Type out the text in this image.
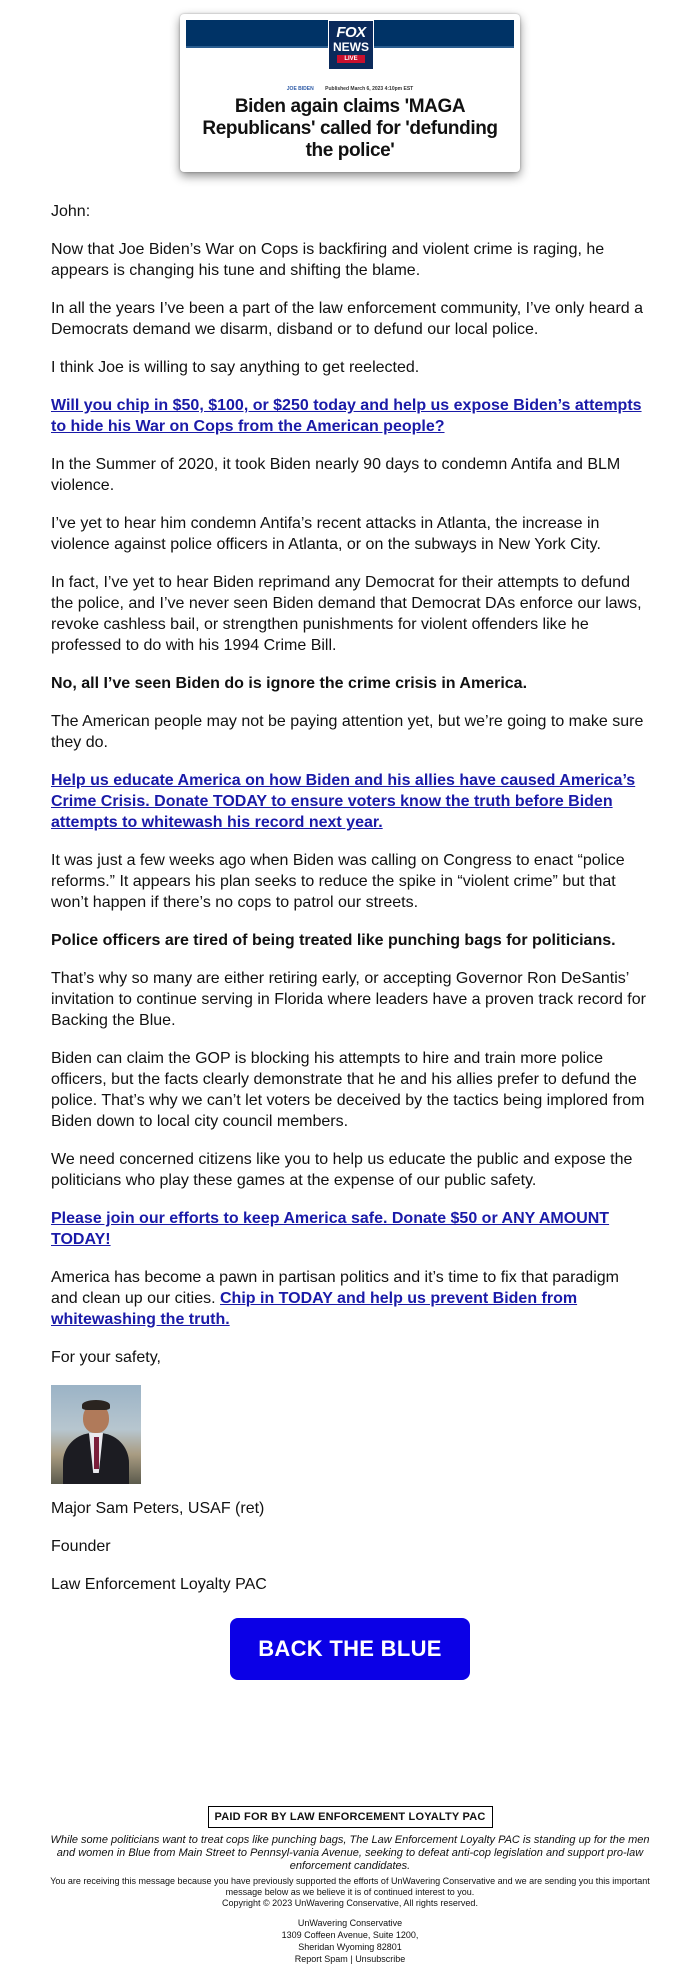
FOX
NEWS
LIVE
JOE BIDEN Published March 6, 2023 4:10pm EST
Biden again claims 'MAGA Republicans' called for 'defunding the police'

John:

Now that Joe Biden’s War on Cops is backfiring and violent crime is raging, he appears is changing his tune and shifting the blame.

In all the years I’ve been a part of the law enforcement community, I’ve only heard a Democrats demand we disarm, disband or to defund our local police.

I think Joe is willing to say anything to get reelected.

Will you chip in $50, $100, or $250 today and help us expose Biden’s attempts to hide his War on Cops from the American people?

In the Summer of 2020, it took Biden nearly 90 days to condemn Antifa and BLM violence.

I’ve yet to hear him condemn Antifa’s recent attacks in Atlanta, the increase in violence against police officers in Atlanta, or on the subways in New York City.

In fact, I’ve yet to hear Biden reprimand any Democrat for their attempts to defund the police, and I’ve never seen Biden demand that Democrat DAs enforce our laws, revoke cashless bail, or strengthen punishments for violent offenders like he professed to do with his 1994 Crime Bill.

No, all I’ve seen Biden do is ignore the crime crisis in America.

The American people may not be paying attention yet, but we’re going to make sure they do.

Help us educate America on how Biden and his allies have caused America’s Crime Crisis. Donate TODAY to ensure voters know the truth before Biden attempts to whitewash his record next year.

It was just a few weeks ago when Biden was calling on Congress to enact “police reforms.” It appears his plan seeks to reduce the spike in “violent crime” but that won’t happen if there’s no cops to patrol our streets.

Police officers are tired of being treated like punching bags for politicians.

That’s why so many are either retiring early, or accepting Governor Ron DeSantis’ invitation to continue serving in Florida where leaders have a proven track record for Backing the Blue.

Biden can claim the GOP is blocking his attempts to hire and train more police officers, but the facts clearly demonstrate that he and his allies prefer to defund the police. That’s why we can’t let voters be deceived by the tactics being implored from Biden down to local city council members.

We need concerned citizens like you to help us educate the public and expose the politicians who play these games at the expense of our public safety.

Please join our efforts to keep America safe. Donate $50 or ANY AMOUNT TODAY!

America has become a pawn in partisan politics and it’s time to fix that paradigm and clean up our cities. Chip in TODAY and help us prevent Biden from whitewashing the truth.

For your safety,

Major Sam Peters, USAF (ret)

Founder

Law Enforcement Loyalty PAC

BACK THE BLUE
PAID FOR BY LAW ENFORCEMENT LOYALTY PAC
While some politicians want to treat cops like punching bags, The Law Enforcement Loyalty PAC is standing up for the men and women in Blue from Main Street to Pennsyl-vania Avenue, seeking to defeat anti-cop legislation and support pro-law enforcement candidates.
You are receiving this message because you have previously supported the efforts of UnWavering Conservative and we are sending you this important message below as we believe it is of continued interest to you.
Copyright © 2023 UnWavering Conservative, All rights reserved.
UnWavering Conservative
1309 Coffeen Avenue, Suite 1200,
Sheridan Wyoming 82801
Report Spam | Unsubscribe
